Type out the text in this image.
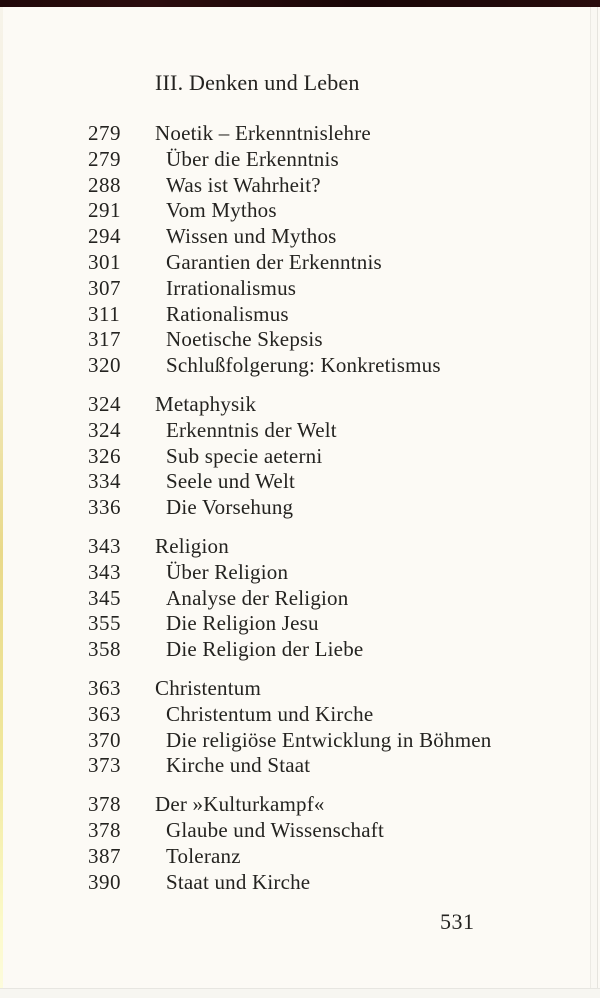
III. Denken und Leben
279	Noetik – Erkenntnislehre
279	Über die Erkenntnis
288	Was ist Wahrheit?
291	Vom Mythos
294	Wissen und Mythos
301	Garantien der Erkenntnis
307	Irrationalismus
311	Rationalismus
317	Noetische Skepsis
320	Schlußfolgerung: Konkretismus
324	Metaphysik
324	Erkenntnis der Welt
326	Sub specie aeterni
334	Seele und Welt
336	Die Vorsehung
343	Religion
343	Über Religion
345	Analyse der Religion
355	Die Religion Jesu
358	Die Religion der Liebe
363	Christentum
363	Christentum und Kirche
370	Die religiöse Entwicklung in Böhmen
373	Kirche und Staat
378	Der »Kulturkampf«
378	Glaube und Wissenschaft
387	Toleranz
390	Staat und Kirche
531
